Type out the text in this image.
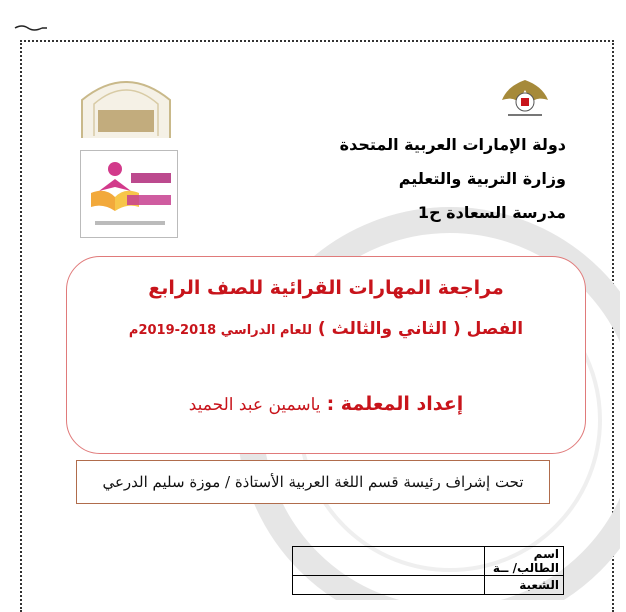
دولة الإمارات العربية المتحدة
وزارة التربية والتعليم
مدرسة السعادة ح1
مراجعة المهارات القرائية للصف الرابع
الفصل ( الثاني والثالث ) للعام الدراسي 2018-2019م
إعداد المعلمة : ياسمين عبد الحميد
تحت إشراف رئيسة قسم اللغة العربية الأستاذة / موزة سليم الدرعي
اسم الطالب/ ــة	
الشعبة	
